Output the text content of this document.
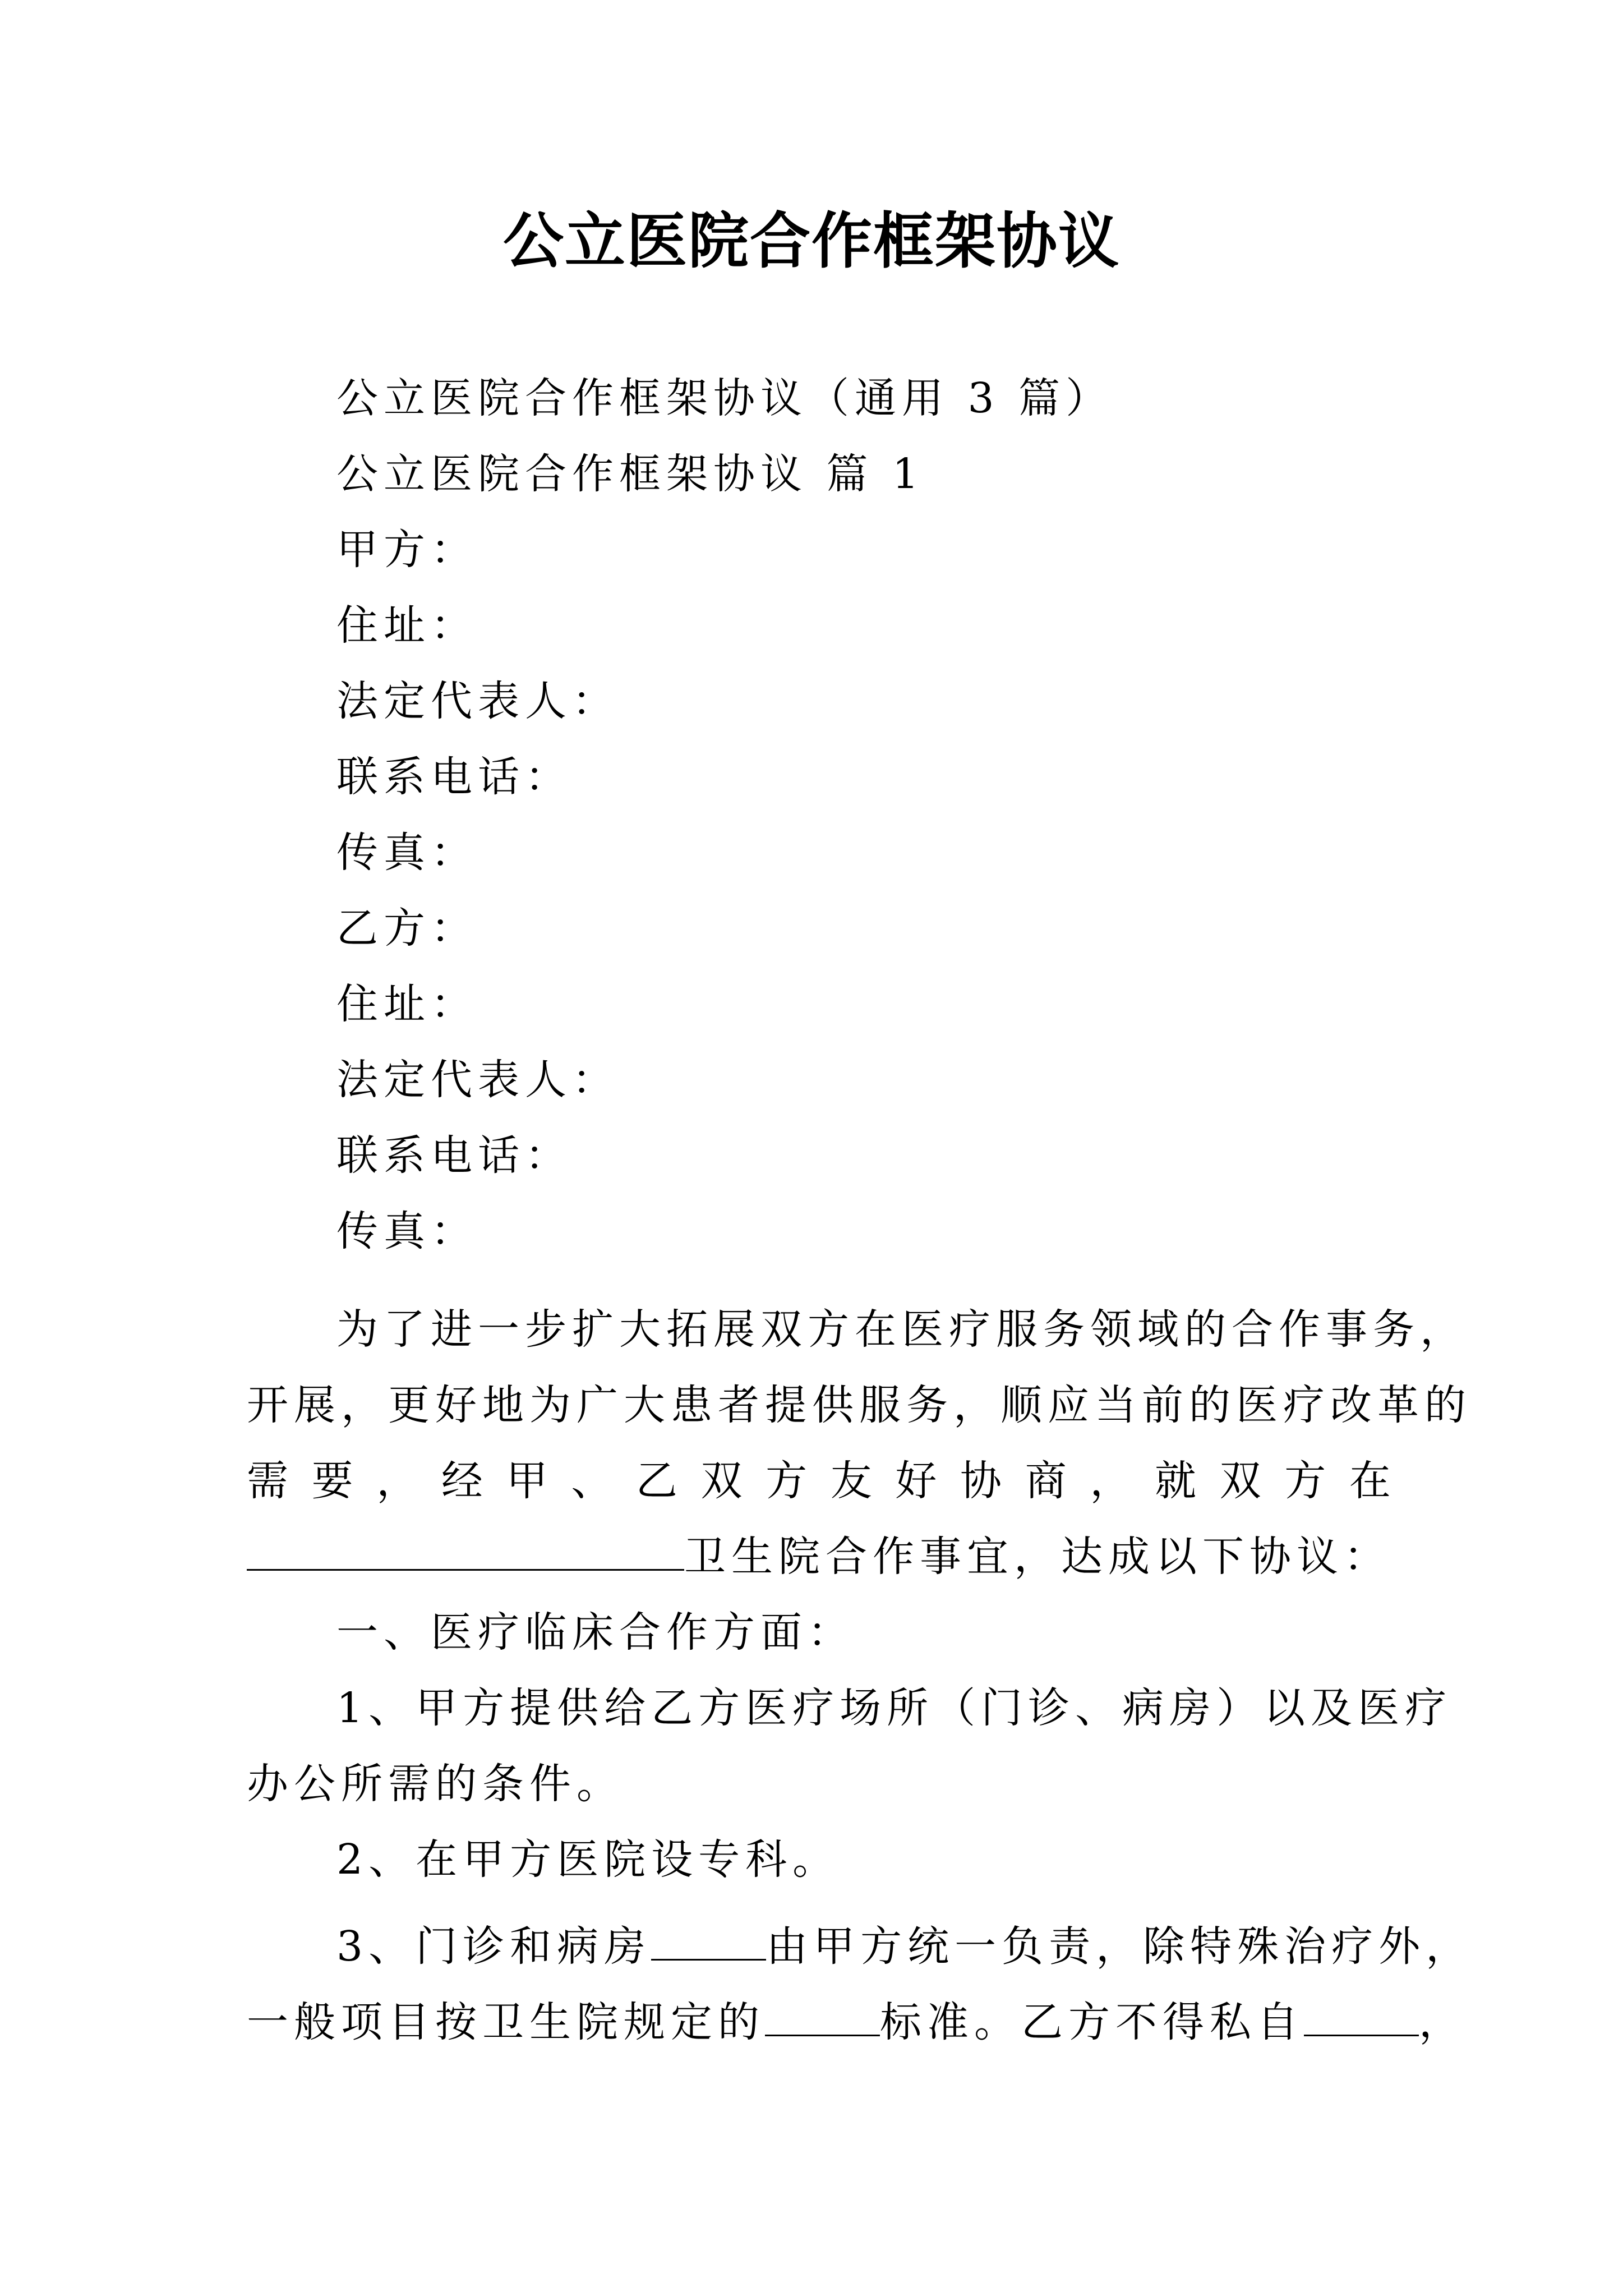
公立医院合作框架协议
公立医院合作框架协议（通用 3 篇）
公立医院合作框架协议 篇 1
甲方：
住址：
法定代表人：
联系电话：
传真：
乙方：
住址：
法定代表人：
联系电话：
传真：
为了进一步扩大拓展双方在医疗服务领域的合作事务，
开展，更好地为广大患者提供服务，顺应当前的医疗改革的
需 要 ， 经 甲 、 乙 双 方 友 好 协 商 ， 就 双 方 在
卫生院合作事宜，达成以下协议：
一、医疗临床合作方面：
1、甲方提供给乙方医疗场所（门诊、病房）以及医疗
办公所需的条件。
2、在甲方医院设专科。
3、门诊和病房	由甲方统一负责，除特殊治疗外，
一般项目按卫生院规定的	标准。乙方不得私自	，
